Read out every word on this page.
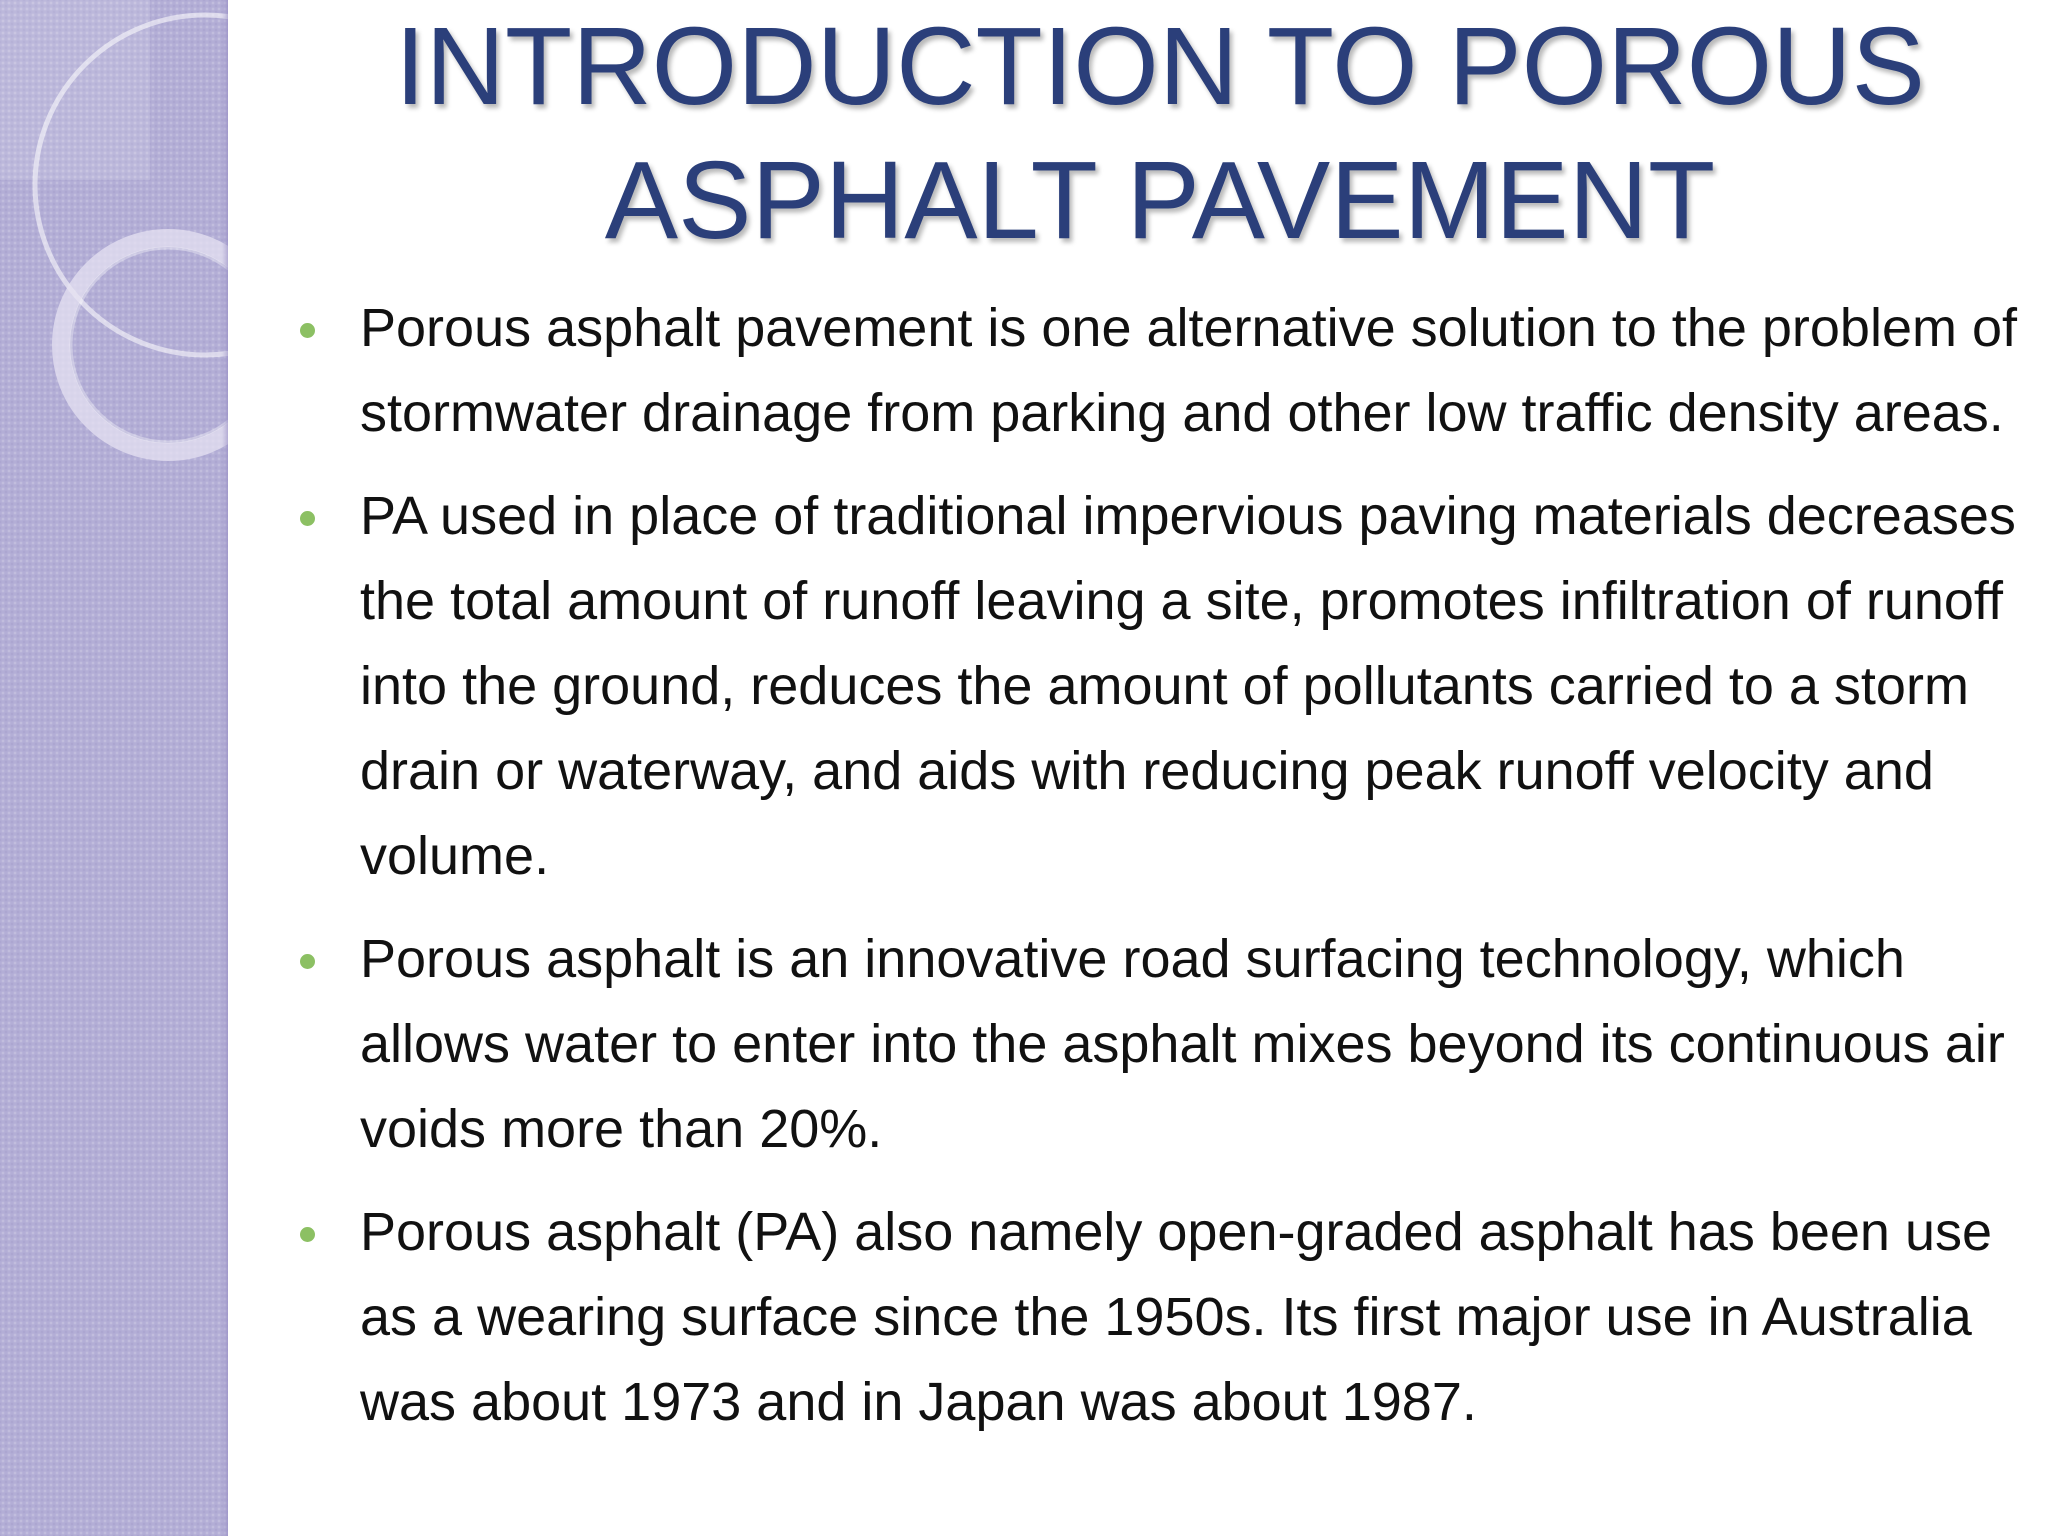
INTRODUCTION TO POROUS
ASPHALT PAVEMENT
Porous asphalt pavement is one alternative solution to the problem of stormwater drainage from parking and other low traffic density areas.
PA used in place of traditional impervious paving materials decreases the total amount of runoff leaving a site, promotes infiltration of runoff into the ground, reduces the amount of pollutants carried to a storm drain or waterway, and aids with reducing peak runoff velocity and volume.
Porous asphalt is an innovative road surfacing technology, which allows water to enter into the asphalt mixes beyond its continuous air voids more than 20%.
Porous asphalt (PA) also namely open-graded asphalt has been use as a wearing surface since the 1950s. Its first major use in Australia was about 1973 and in Japan was about 1987.
